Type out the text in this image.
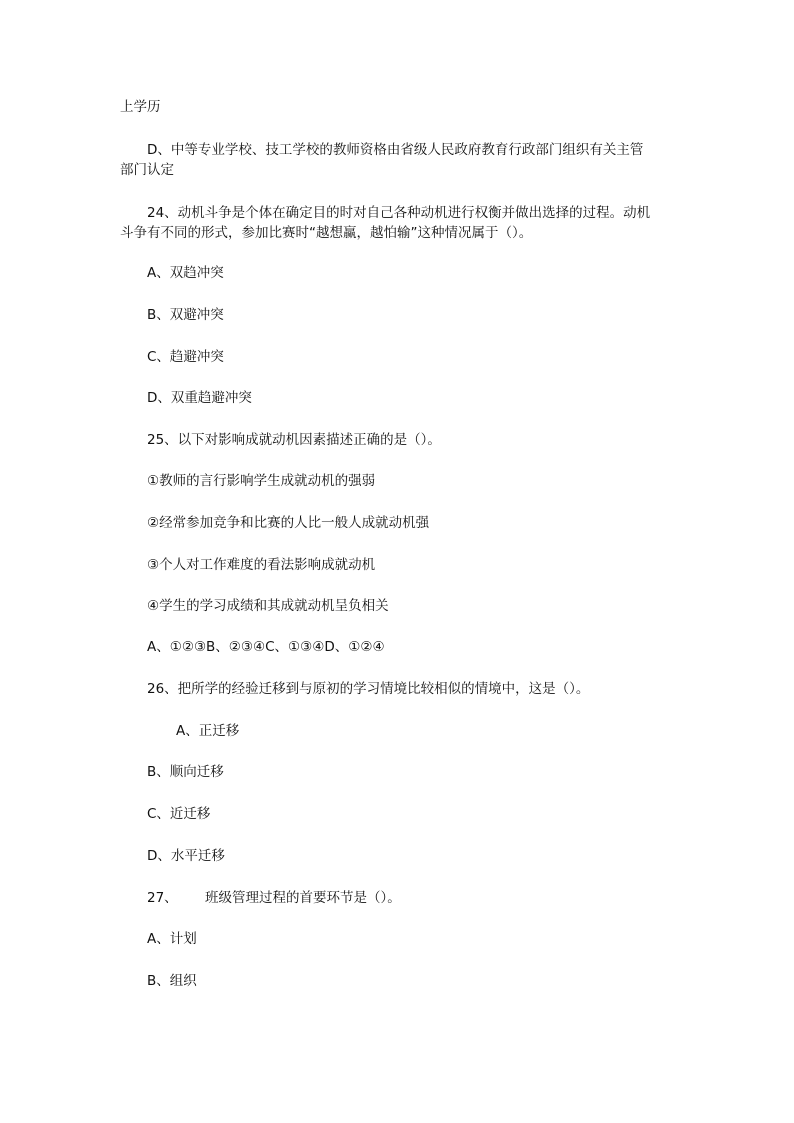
上学历
D、中等专业学校、技工学校的教师资格由省级人民政府教育行政部门组织有关主管
部门认定
24、动机斗争是个体在确定目的时对自己各种动机进行权衡并做出选择的过程。动机
斗争有不同的形式，参加比赛时“越想赢，越怕输”这种情况属于（）。
A、双趋冲突
B、双避冲突
C、趋避冲突
D、双重趋避冲突
25、以下对影响成就动机因素描述正确的是（）。
①教师的言行影响学生成就动机的强弱
②经常参加竞争和比赛的人比一般人成就动机强
③个人对工作难度的看法影响成就动机
④学生的学习成绩和其成就动机呈负相关
A、①②③B、②③④C、①③④D、①②④
26、把所学的经验迁移到与原初的学习情境比较相似的情境中，这是（）。
A、正迁移
B、顺向迁移
C、近迁移
D、水平迁移
27、 班级管理过程的首要环节是（）。
A、计划
B、组织
